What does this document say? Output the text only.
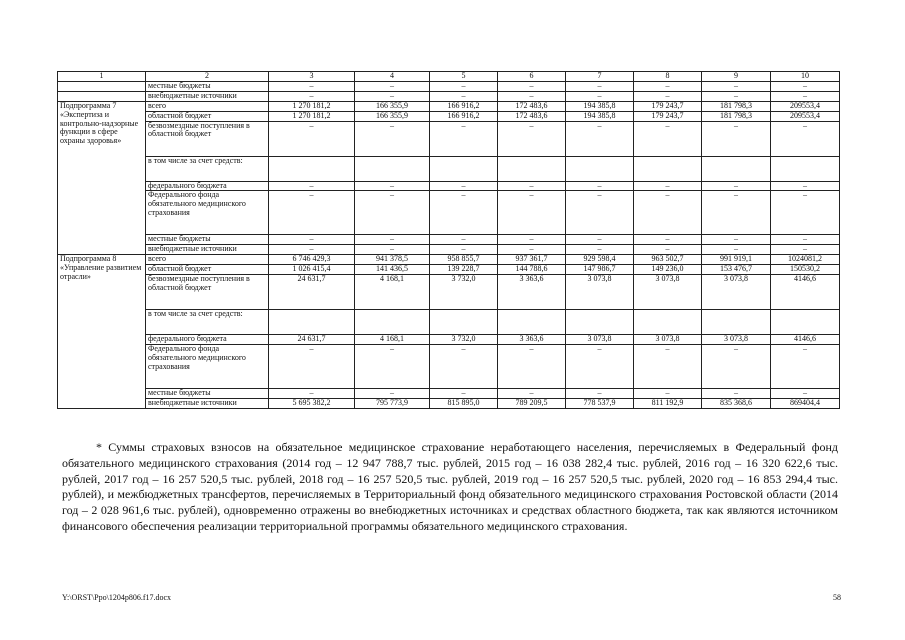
1	2	3	4	5	6	7	8	9	10
	местные бюджеты	–	–	–	–	–	–	–	–
	внебюджетные источники	–	–	–	–	–	–	–	–
Подпрограмма 7 «Экспертиза и контрольно-надзорные функции в сфере охраны здоровья»	всего	1 270 181,2	166 355,9	166 916,2	172 483,6	194 385,8	179 243,7	181 798,3	209553,4
	областной бюджет	1 270 181,2	166 355,9	166 916,2	172 483,6	194 385,8	179 243,7	181 798,3	209553,4
	безвозмездные поступления в областной бюджет	–	–	–	–	–	–	–	–
	в том числе за счет средств:								
	федерального бюджета	–	–	–	–	–	–	–	–
	Федерального фонда обязательного медицинского страхования	–	–	–	–	–	–	–	–
	местные бюджеты	–	–	–	–	–	–	–	–
	внебюджетные источники	–	–	–	–	–	–	–	–
Подпрограмма 8 «Управление развитием отрасли»	всего	6 746 429,3	941 378,5	958 855,7	937 361,7	929 598,4	963 502,7	991 919,1	1024081,2
	областной бюджет	1 026 415,4	141 436,5	139 228,7	144 788,6	147 986,7	149 236,0	153 476,7	150530,2
	безвозмездные поступления в областной бюджет	24 631,7	4 168,1	3 732,0	3 363,6	3 073,8	3 073,8	3 073,8	4146,6
	в том числе за счет средств:								
	федерального бюджета	24 631,7	4 168,1	3 732,0	3 363,6	3 073,8	3 073,8	3 073,8	4146,6
	Федерального фонда обязательного медицинского страхования	–	–	–	–	–	–	–	–
	местные бюджеты	–	–	–	–	–	–	–	–
	внебюджетные источники	5 695 382,2	795 773,9	815 895,0	789 209,5	778 537,9	811 192,9	835 368,6	869404,4

* Суммы страховых взносов на обязательное медицинское страхование неработающего населения, перечисляемых в Федеральный фонд обязательного медицинского страхования (2014 год – 12 947 788,7 тыс. рублей, 2015 год – 16 038 282,4 тыс. рублей, 2016 год – 16 320 622,6 тыс. рублей, 2017 год – 16 257 520,5 тыс. рублей, 2018 год – 16 257 520,5 тыс. рублей, 2019 год – 16 257 520,5 тыс. рублей, 2020 год – 16 853 294,4 тыс. рублей), и межбюджетных трансфертов, перечисляемых в Территориальный фонд обязательного медицинского страхования Ростовской области (2014 год – 2 028 961,6 тыс. рублей), одновременно отражены во внебюджетных источниках и средствах областного бюджета, так как являются источником финансового обеспечения реализации территориальной программы обязательного медицинского страхования.

Y:\ORST\Ppo\1204p806.f17.docx	58
